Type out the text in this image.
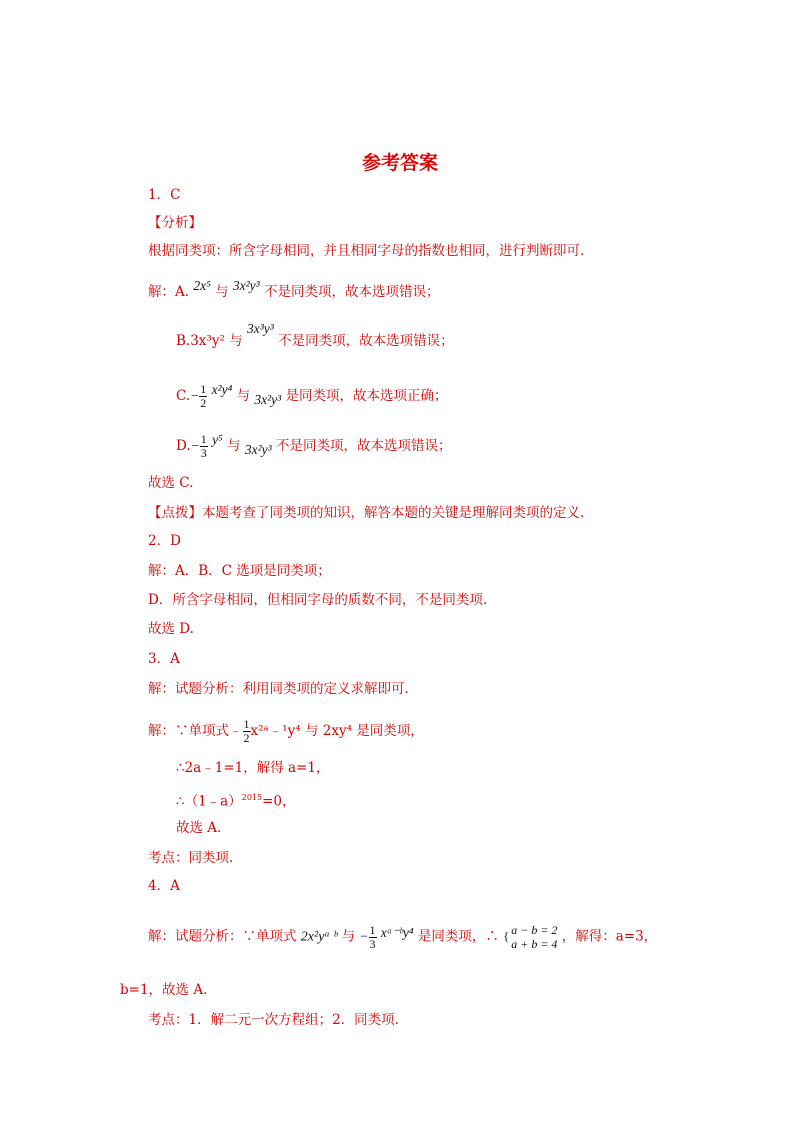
参考答案
1．C
【分析】
根据同类项：所含字母相同，并且相同字母的指数也相同，进行判断即可.
解：A. 2x⁵ 与 3x²y³ 不是同类项，故本选项错误；
B.3x³y² 与 3x³y³ 不是同类项，故本选项错误；
$C.- \frac{1}{2} x^2y^4$ 与 3x²y³ 是同类项，故本选项正确；
$D.- \frac{1}{3} y^5$ 与 3x²y³ 不是同类项，故本选项错误；
故选 C.
【点拨】本题考查了同类项的知识，解答本题的关键是理解同类项的定义.
2．D
解：A．B．C 选项是同类项；
D．所含字母相同，但相同字母的质数不同，不是同类项.
故选 D.
3．A
解：试题分析：利用同类项的定义求解即可.
解：∵单项式﹣ $\frac{1}{2}$ x²ᵃ﹣¹y⁴ 与 2xy⁴ 是同类项，
∴2a﹣1=1，解得 a=1，
∴（1﹣a）$^{2015}$=0，
故选 A.
考点：同类项.
4．A
解：试题分析：∵单项式 2x²yᵃ ᵇ 与 − $\frac{1}{3}$ xᵃ⁻ᵇy⁴ 是同类项，∴ { a − b = 2
a + b = 4 ，解得：a=3，
b=1，故选 A.
考点：1．解二元一次方程组；2．同类项.
